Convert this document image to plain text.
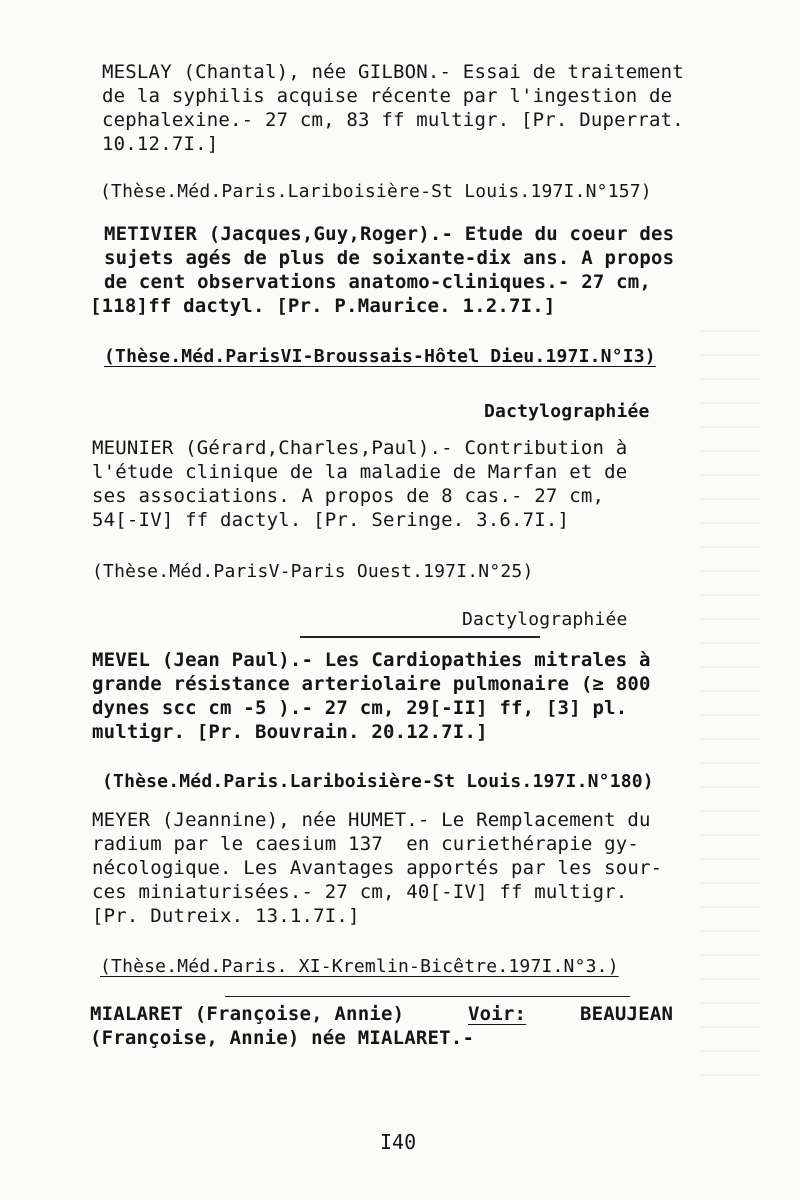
MESLAY (Chantal), née GILBON.- Essai de traitement
de la syphilis acquise récente par l'ingestion de
cephalexine.- 27 cm, 83 ff multigr. [Pr. Duperrat.
10.12.7I.]
(Thèse.Méd.Paris.Lariboisière-St Louis.197I.N°157)
METIVIER (Jacques,Guy,Roger).- Etude du coeur des
sujets agés de plus de soixante-dix ans. A propos
de cent observations anatomo-cliniques.- 27 cm,
[118]ff dactyl. [Pr. P.Maurice. 1.2.7I.]
(Thèse.Méd.ParisVI-Broussais-Hôtel Dieu.197I.N°I3)
Dactylographiée
MEUNIER (Gérard,Charles,Paul).- Contribution à
l'étude clinique de la maladie de Marfan et de
ses associations. A propos de 8 cas.- 27 cm,
54[-IV] ff dactyl. [Pr. Seringe. 3.6.7I.]
(Thèse.Méd.ParisV-Paris Ouest.197I.N°25)
Dactylographiée
MEVEL (Jean Paul).- Les Cardiopathies mitrales à
grande résistance arteriolaire pulmonaire (≥ 800
dynes scc cm -5 ).- 27 cm, 29[-II] ff, [3] pl.
multigr. [Pr. Bouvrain. 20.12.7I.]
(Thèse.Méd.Paris.Lariboisière-St Louis.197I.N°180)
MEYER (Jeannine), née HUMET.- Le Remplacement du
radium par le caesium 137  en curiethérapie gy-
nécologique. Les Avantages apportés par les sour-
ces miniaturisées.- 27 cm, 40[-IV] ff multigr.
[Pr. Dutreix. 13.1.7I.]
(Thèse.Méd.Paris. XI-Kremlin-Bicêtre.197I.N°3.)
MIALARET (Françoise, Annie)	Voir:	BEAUJEAN
(Françoise, Annie) née MIALARET.-
I40
